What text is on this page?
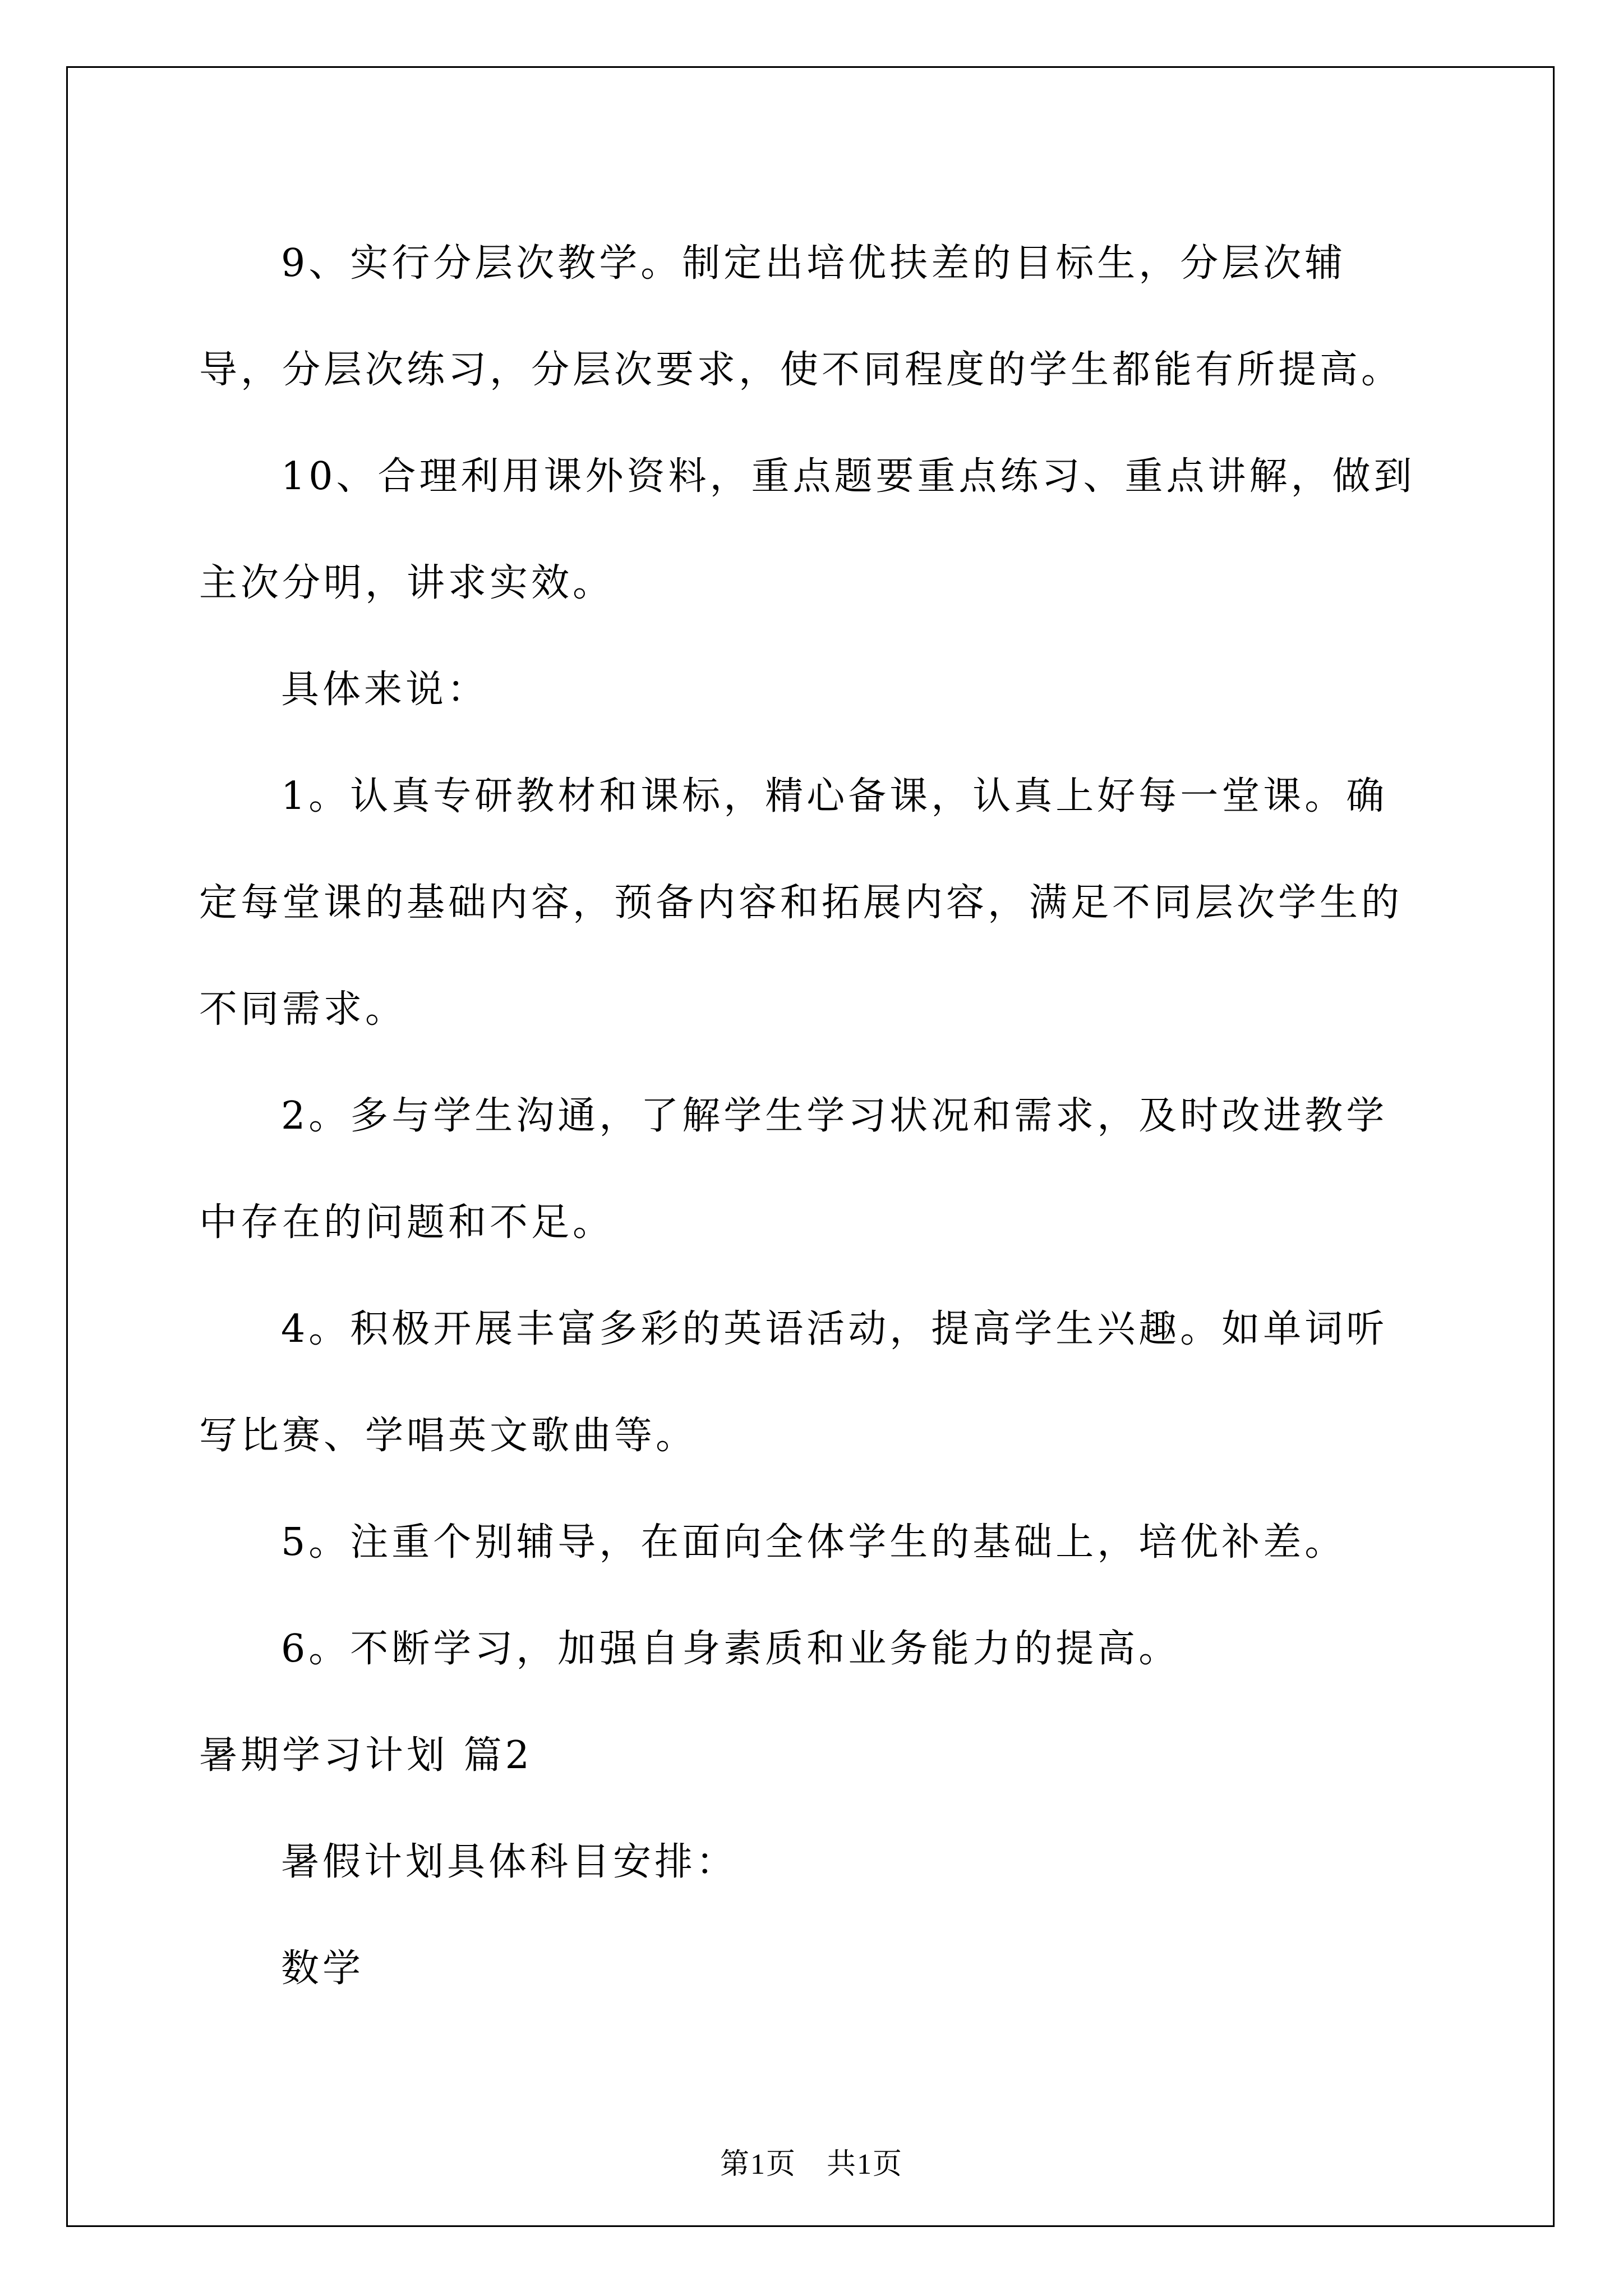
9、实行分层次教学。制定出培优扶差的目标生，分层次辅导，分层次练习，分层次要求，使不同程度的学生都能有所提高。

10、合理利用课外资料，重点题要重点练习、重点讲解，做到主次分明，讲求实效。

具体来说：

1。认真专研教材和课标，精心备课，认真上好每一堂课。确定每堂课的基础内容，预备内容和拓展内容，满足不同层次学生的不同需求。

2。多与学生沟通，了解学生学习状况和需求，及时改进教学中存在的问题和不足。

4。积极开展丰富多彩的英语活动，提高学生兴趣。如单词听写比赛、学唱英文歌曲等。

5。注重个别辅导，在面向全体学生的基础上，培优补差。

6。不断学习，加强自身素质和业务能力的提高。

暑期学习计划 篇2

暑假计划具体科目安排：

数学

第1页　共1页
